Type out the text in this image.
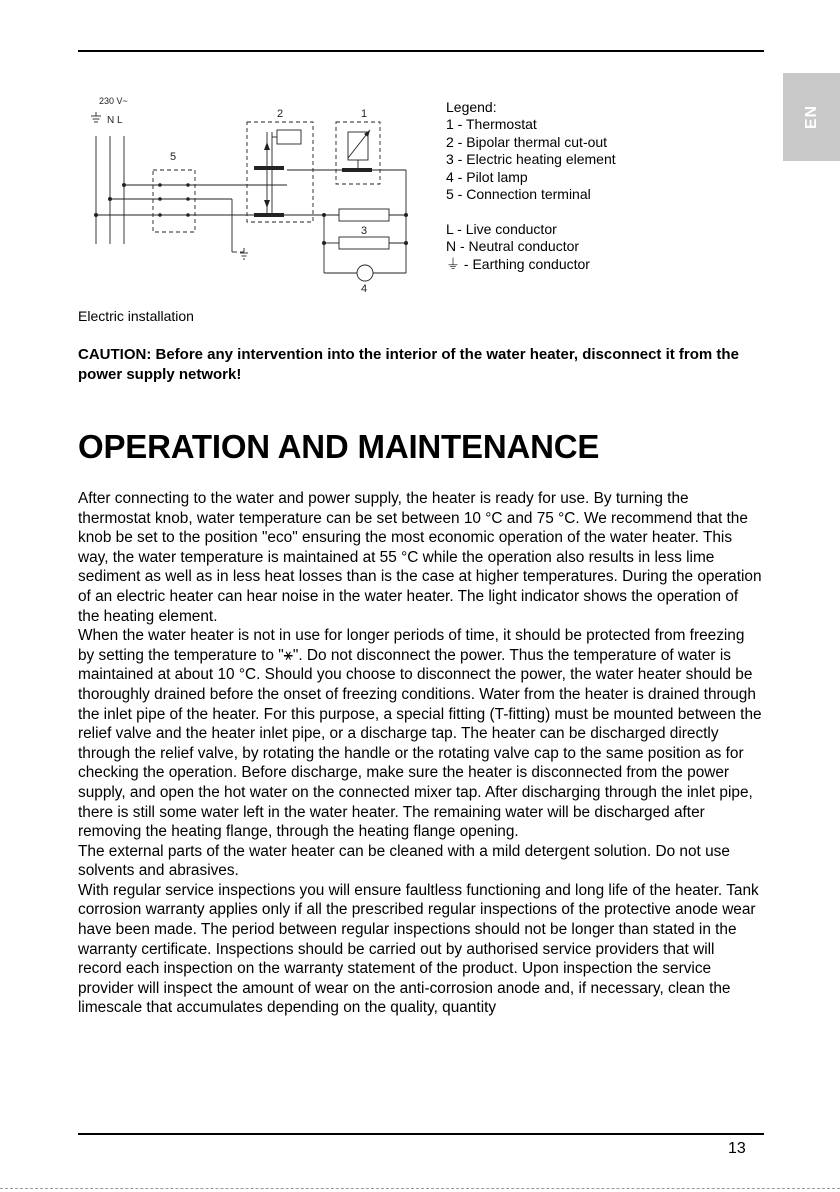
EN
230 V~
N L
1
2
3
4
5
Legend:
1 - Thermostat
2 - Bipolar thermal cut-out
3 - Electric heating element
4 - Pilot lamp
5 - Connection terminal
L - Live conductor
N - Neutral conductor
⏚ - Earthing conductor
Electric installation
CAUTION: Before any intervention into the interior of the water heater, disconnect it from the power supply network!
OPERATION AND MAINTENANCE

After connecting to the water and power supply, the heater is ready for use. By turning the thermostat knob, water temperature can be set between 10 °C and 75 °C. We recommend that the knob be set to the position "eco" ensuring the most economic operation of the water heater. This way, the water temperature is maintained at 55 °C while the operation also results in less lime sediment as well as in less heat losses than is the case at higher temperatures. During the operation of an electric heater can hear noise in the water heater. The light indicator shows the operation of the heating element.

When the water heater is not in use for longer periods of time, it should be protected from freezing by setting the temperature to "⚹". Do not disconnect the power. Thus the temperature of water is maintained at about 10 °C. Should you choose to disconnect the power, the water heater should be thoroughly drained before the onset of freezing conditions. Water from the heater is drained through the inlet pipe of the heater. For this purpose, a special fitting (T-fitting) must be mounted between the relief valve and the heater inlet pipe, or a discharge tap. The heater can be discharged directly through the relief valve, by rotating the handle or the rotating valve cap to the same position as for checking the operation. Before discharge, make sure the heater is disconnected from the power supply, and open the hot water on the connected mixer tap. After discharging through the inlet pipe, there is still some water left in the water heater. The remaining water will be discharged after removing the heating flange, through the heating flange opening.

The external parts of the water heater can be cleaned with a mild detergent solution. Do not use solvents and abrasives.

With regular service inspections you will ensure faultless functioning and long life of the heater. Tank corrosion warranty applies only if all the prescribed regular inspections of the protective anode wear have been made. The period between regular inspections should not be longer than stated in the warranty certificate. Inspections should be carried out by authorised service providers that will record each inspection on the warranty statement of the product. Upon inspection the service provider will inspect the amount of wear on the anti-corrosion anode and, if necessary, clean the limescale that accumulates depending on the quality, quantity

13
